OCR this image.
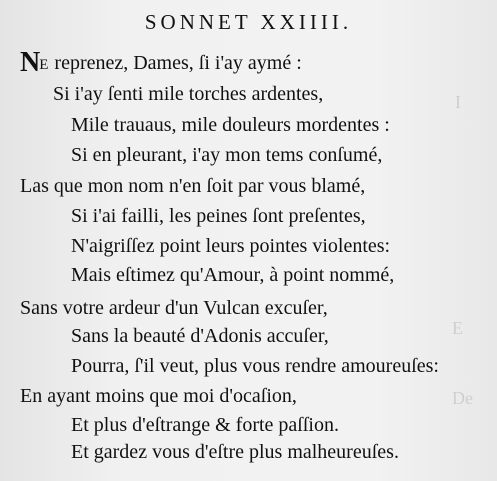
I
E
De
SONNET XXIIII.
NE reprenez, Dames, ſi i'ay aymé :
Si i'ay ſenti mile torches ardentes,
Mile trauaus, mile douleurs mordentes :
Si en pleurant, i'ay mon tems conſumé,
Las que mon nom n'en ſoit par vous blamé,
Si i'ai failli, les peines ſont preſentes,
N'aigriſſez point leurs pointes violentes:
Mais eſtimez qu'Amour, à point nommé,
Sans votre ardeur d'un Vulcan excuſer,
Sans la beauté d'Adonis accuſer,
Pourra, ſ'il veut, plus vous rendre amoureuſes:
En ayant moins que moi d'ocaſion,
Et plus d'eſtrange & forte paſſion.
Et gardez vous d'eſtre plus malheureuſes.
